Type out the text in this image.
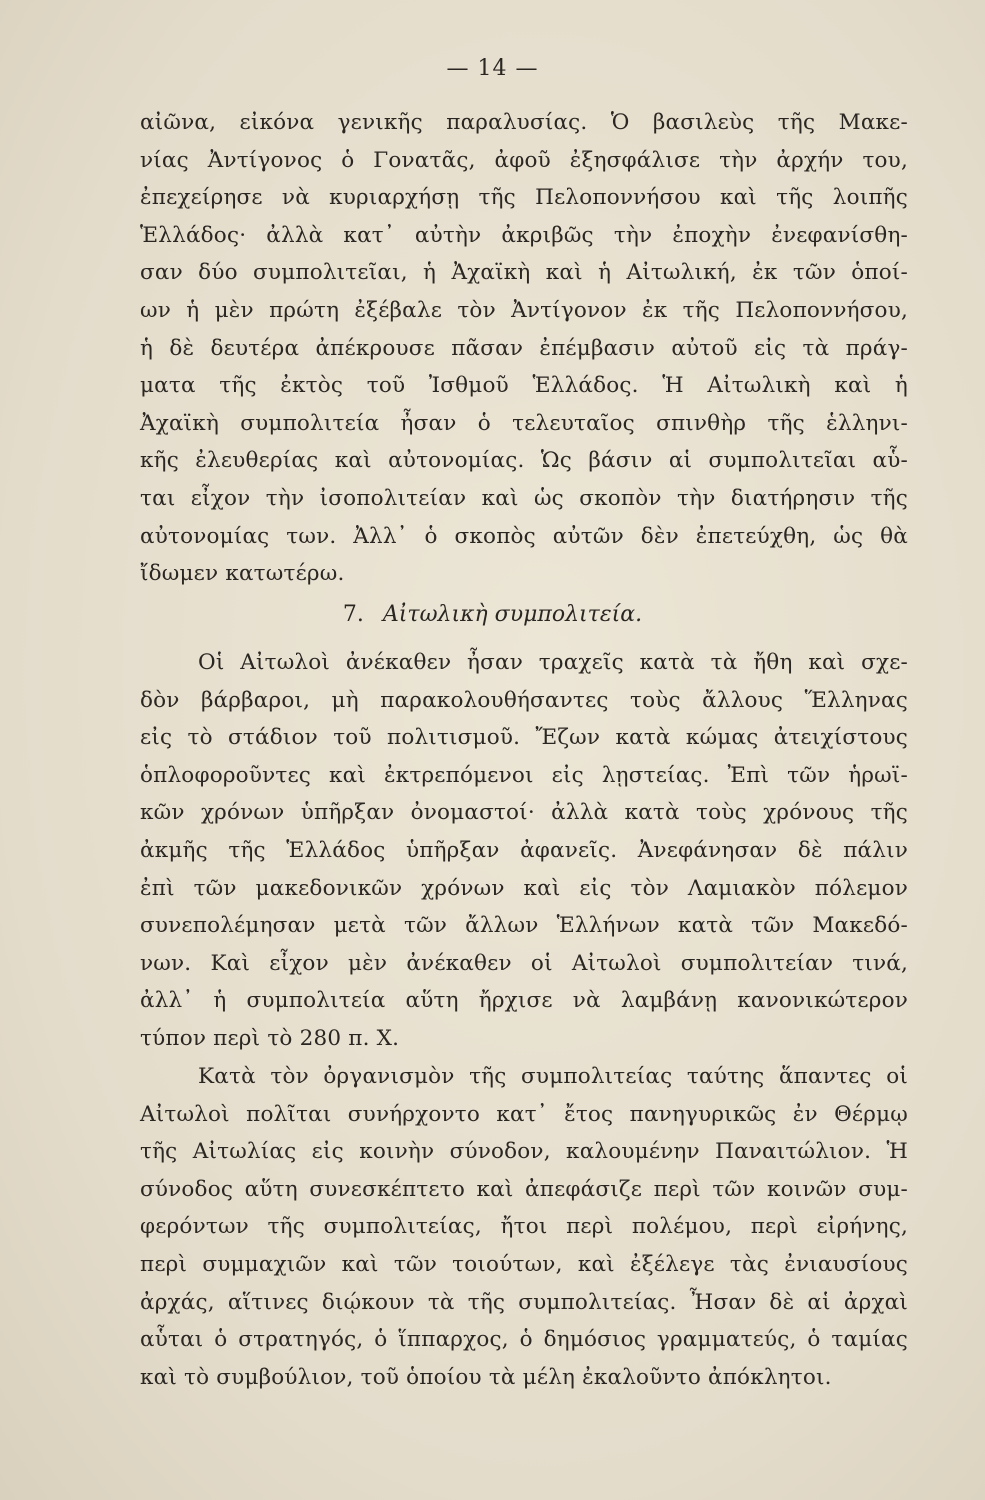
— 14 —
αἰῶνα, εἰκόνα γενικῆς παραλυσίας. Ὁ βασιλεὺς τῆς Μακε-
νίας Ἀντίγονος ὁ Γονατᾶς, ἀφοῦ ἐξησφάλισε τὴν ἀρχήν του,
ἐπεχείρησε νὰ κυριαρχήσῃ τῆς Πελοποννήσου καὶ τῆς λοιπῆς
Ἑλλάδος· ἀλλὰ κατ᾽ αὐτὴν ἀκριβῶς τὴν ἐποχὴν ἐνεφανίσθη-
σαν δύο συμπολιτεῖαι, ἡ Ἀχαϊκὴ καὶ ἡ Αἰτωλική, ἐκ τῶν ὁποί-
ων ἡ μὲν πρώτη ἐξέβαλε τὸν Ἀντίγονον ἐκ τῆς Πελοποννήσου,
ἡ δὲ δευτέρα ἀπέκρουσε πᾶσαν ἐπέμβασιν αὐτοῦ εἰς τὰ πράγ-
ματα τῆς ἐκτὸς τοῦ Ἰσθμοῦ Ἑλλάδος. Ἡ Αἰτωλικὴ καὶ ἡ
Ἀχαϊκὴ συμπολιτεία ἦσαν ὁ τελευταῖος σπινθὴρ τῆς ἑλληνι-
κῆς ἐλευθερίας καὶ αὐτονομίας. Ὡς βάσιν αἱ συμπολιτεῖαι αὗ-
ται εἶχον τὴν ἰσοπολιτείαν καὶ ὡς σκοπὸν τὴν διατήρησιν τῆς
αὐτονομίας των. Ἀλλ᾽ ὁ σκοπὸς αὐτῶν δὲν ἐπετεύχθη, ὡς θὰ
ἴδωμεν κατωτέρω.
7. Αἰτωλικὴ συμπολιτεία.
Οἱ Αἰτωλοὶ ἀνέκαθεν ἦσαν τραχεῖς κατὰ τὰ ἤθη καὶ σχε-
δὸν βάρβαροι, μὴ παρακολουθήσαντες τοὺς ἄλλους Ἕλληνας
εἰς τὸ στάδιον τοῦ πολιτισμοῦ. Ἔζων κατὰ κώμας ἀτειχίστους
ὁπλοφοροῦντες καὶ ἐκτρεπόμενοι εἰς λῃστείας. Ἐπὶ τῶν ἡρωϊ-
κῶν χρόνων ὑπῆρξαν ὀνομαστοί· ἀλλὰ κατὰ τοὺς χρόνους τῆς
ἀκμῆς τῆς Ἑλλάδος ὑπῆρξαν ἀφανεῖς. Ἀνεφάνησαν δὲ πάλιν
ἐπὶ τῶν μακεδονικῶν χρόνων καὶ εἰς τὸν Λαμιακὸν πόλεμον
συνεπολέμησαν μετὰ τῶν ἄλλων Ἑλλήνων κατὰ τῶν Μακεδό-
νων. Καὶ εἶχον μὲν ἀνέκαθεν οἱ Αἰτωλοὶ συμπολιτείαν τινά,
ἀλλ᾽ ἡ συμπολιτεία αὕτη ἤρχισε νὰ λαμβάνῃ κανονικώτερον
τύπον περὶ τὸ 280 π. Χ.
Κατὰ τὸν ὀργανισμὸν τῆς συμπολιτείας ταύτης ἅπαντες οἱ
Αἰτωλοὶ πολῖται συνήρχοντο κατ᾽ ἔτος πανηγυρικῶς ἐν Θέρμῳ
τῆς Αἰτωλίας εἰς κοινὴν σύνοδον, καλουμένην Παναιτώλιον. Ἡ
σύνοδος αὕτη συνεσκέπτετο καὶ ἀπεφάσιζε περὶ τῶν κοινῶν συμ-
φερόντων τῆς συμπολιτείας, ἤτοι περὶ πολέμου, περὶ εἰρήνης,
περὶ συμμαχιῶν καὶ τῶν τοιούτων, καὶ ἐξέλεγε τὰς ἐνιαυσίους
ἀρχάς, αἵτινες διῴκουν τὰ τῆς συμπολιτείας. Ἦσαν δὲ αἱ ἀρχαὶ
αὗται ὁ στρατηγός, ὁ ἵππαρχος, ὁ δημόσιος γραμματεύς, ὁ ταμίας
καὶ τὸ συμβούλιον, τοῦ ὁποίου τὰ μέλη ἐκαλοῦντο ἀπόκλητοι.
